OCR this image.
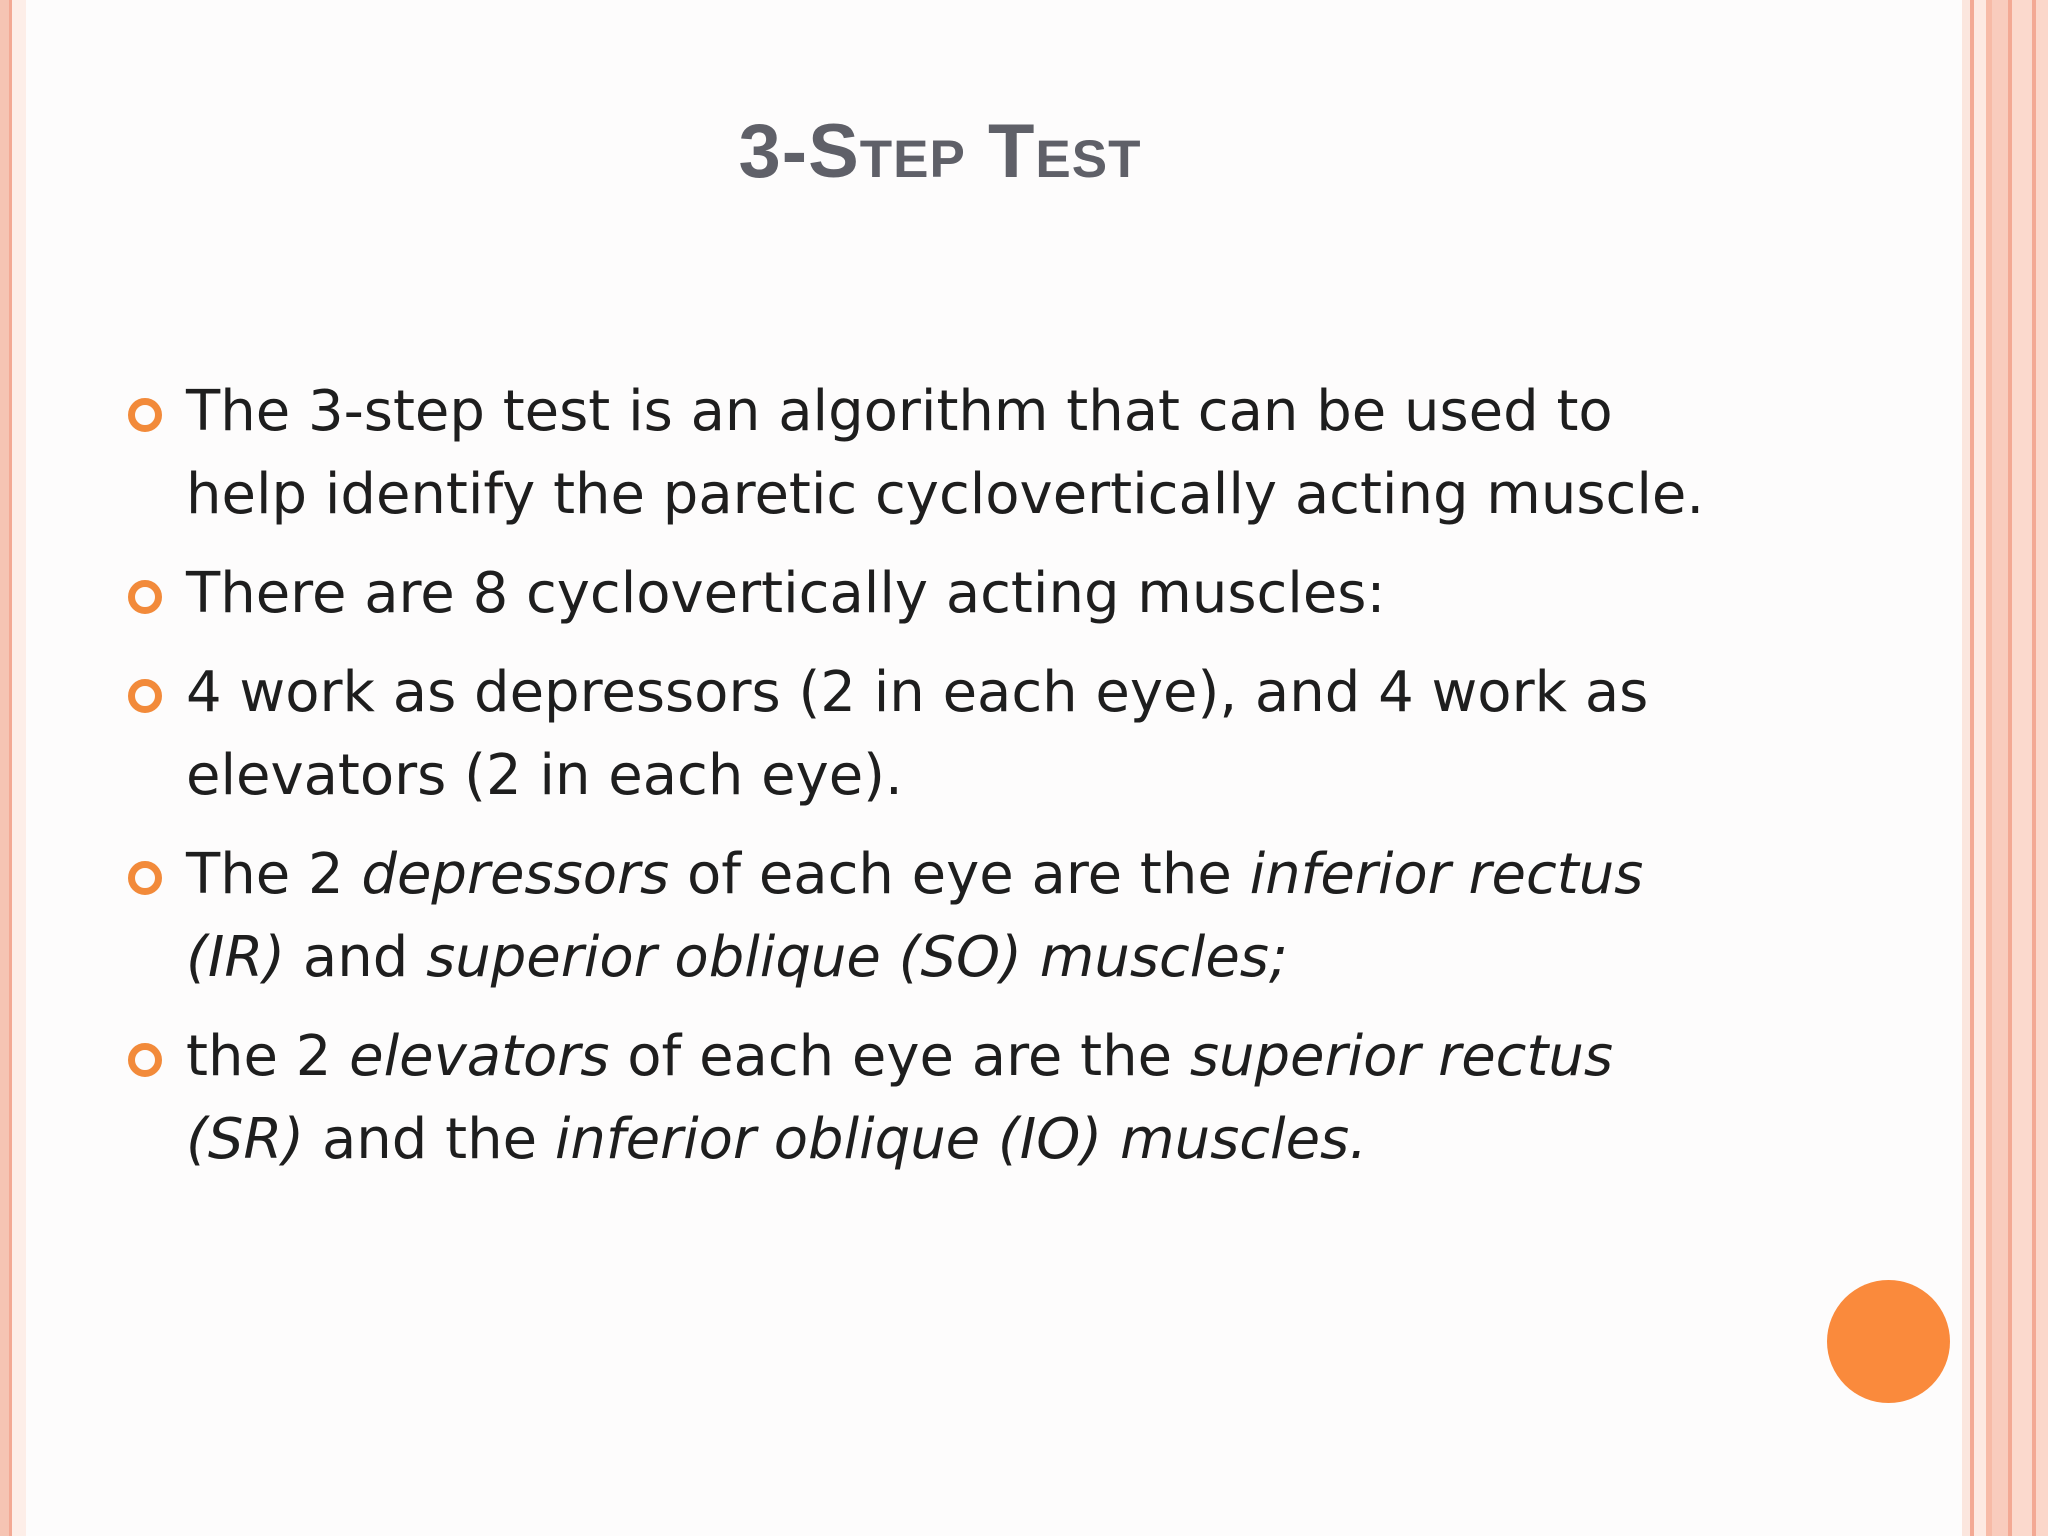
3-Step Test
The 3-step test is an algorithm that can be used to help identify the paretic cyclovertically acting muscle.
There are 8 cyclovertically acting muscles:
4 work as depressors (2 in each eye), and 4 work as elevators (2 in each eye).
The 2 depressors of each eye are the inferior rectus (IR) and superior oblique (SO) muscles;
the 2 elevators of each eye are the superior rectus (SR) and the inferior oblique (IO) muscles.
